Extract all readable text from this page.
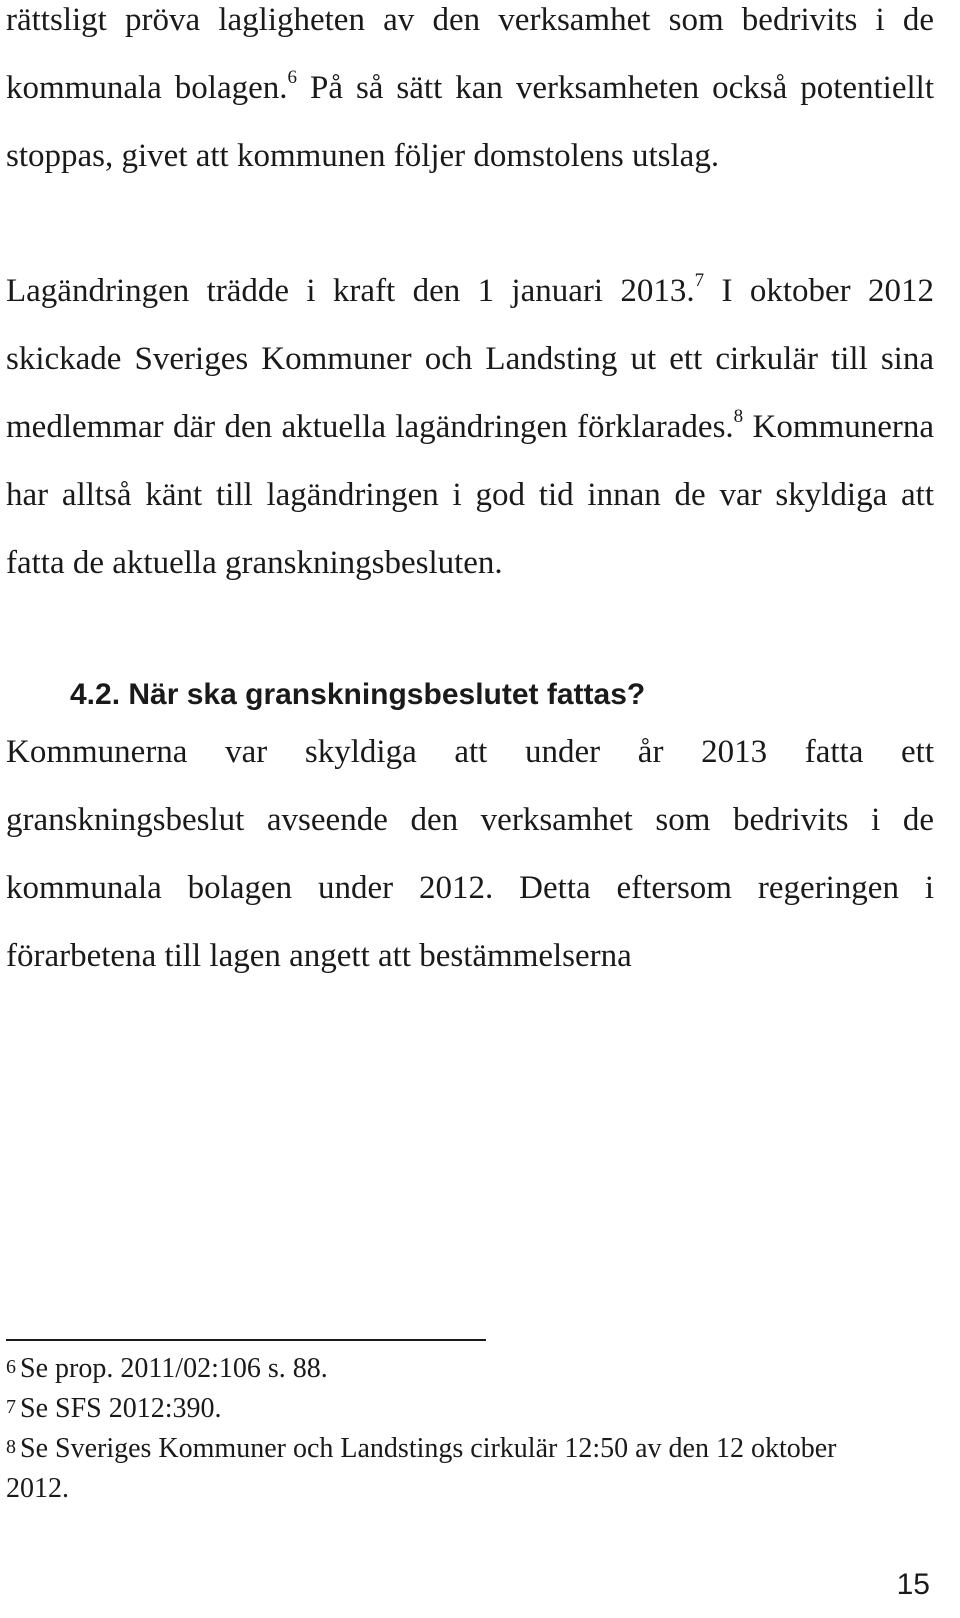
rättsligt pröva lagligheten av den verksamhet som bedrivits i de kommunala bolagen.$^6$ På så sätt kan verksamheten också potentiellt stoppas, givet att kommunen följer domstolens utslag.

Lagändringen trädde i kraft den 1 januari 2013.$^7$ I oktober 2012 skickade Sveriges Kommuner och Landsting ut ett cirkulär till sina medlemmar där den aktuella lagändringen förklarades.$^8$ Kommunerna har alltså känt till lagändringen i god tid innan de var skyldiga att fatta de aktuella granskningsbesluten.

4.2. När ska granskningsbeslutet fattas?

Kommunerna var skyldiga att under år 2013 fatta ett granskningsbeslut avseende den verksamhet som bedrivits i de kommunala bolagen under 2012. Detta eftersom regeringen i förarbetena till lagen angett att bestämmelserna

$^6$ Se prop. 2011/02:106 s. 88.

$^7$ Se SFS 2012:390.

$^8$ Se Sveriges Kommuner och Landstings cirkulär 12:50 av den 12 oktober 2012.

15
